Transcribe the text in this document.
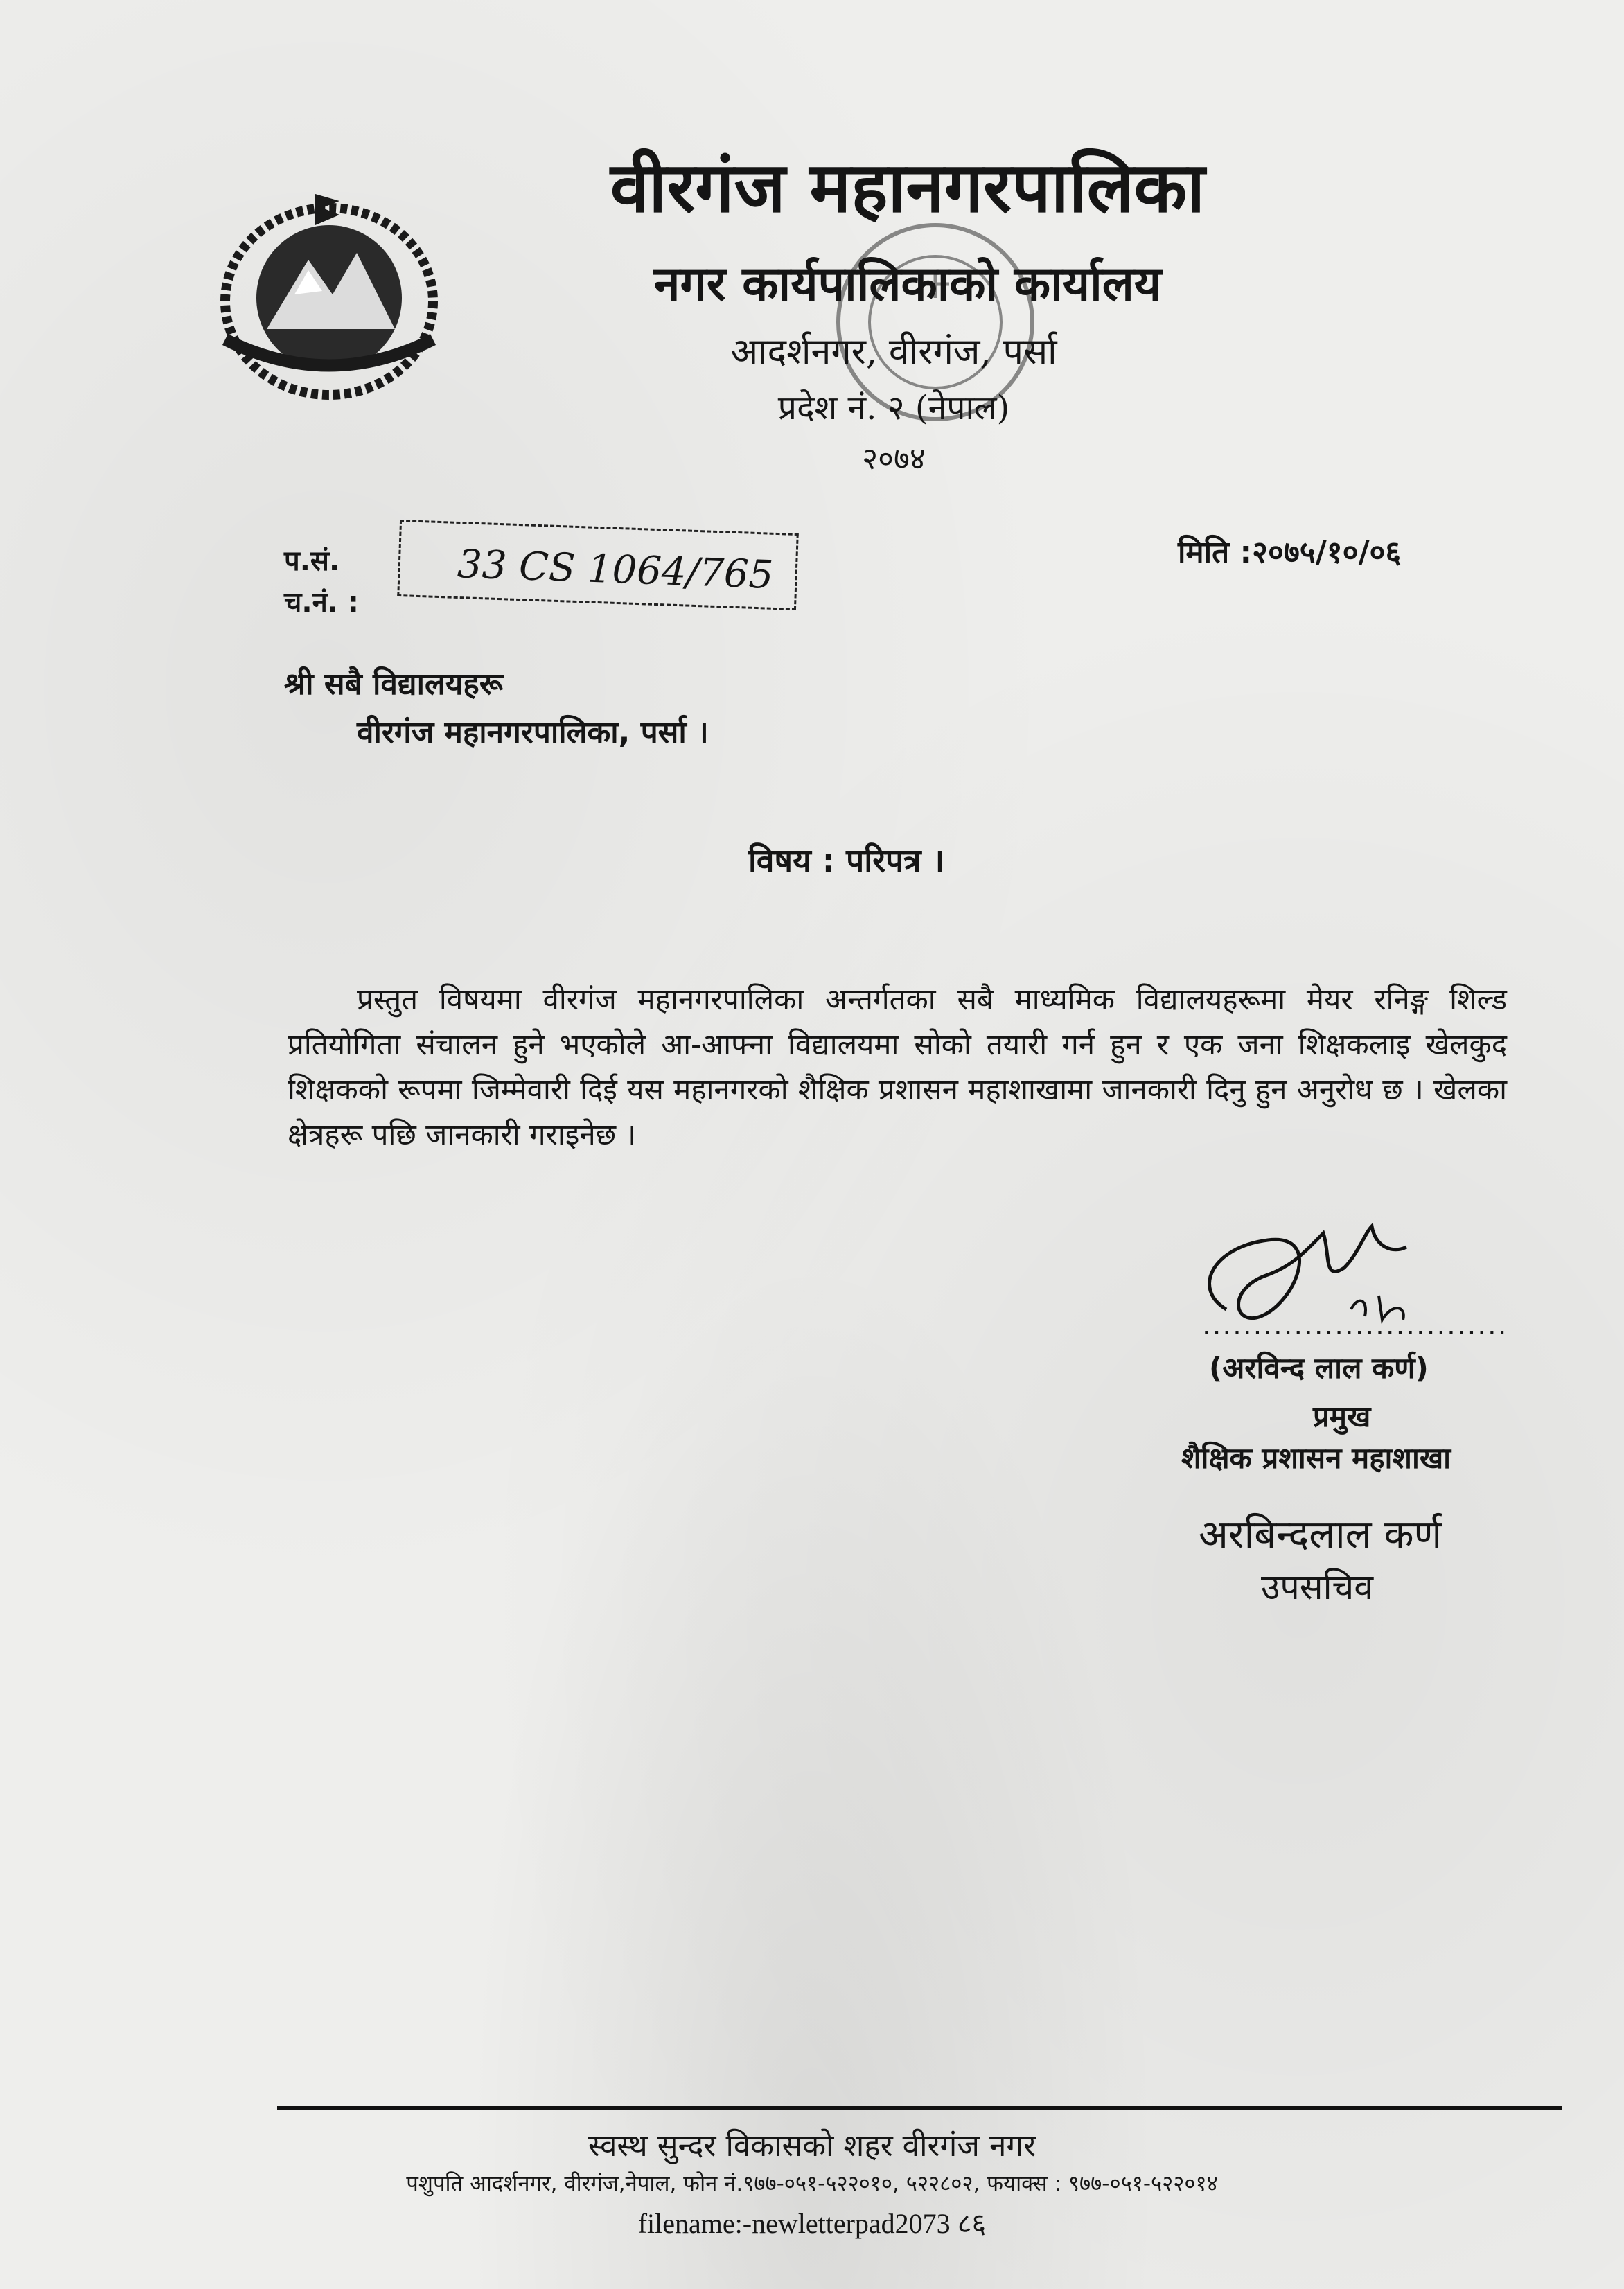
वीरगंज महानगरपालिका
नगर कार्यपालिकाको कार्यालय
आदर्शनगर, वीरगंज, पर्सा
प्रदेश नं. २ (नेपाल)
२०७४
प.सं.
च.नं. :
33 CS 1064/765	मिति :२०७५/१०/०६
श्री सबै विद्यालयहरू
वीरगंज महानगरपालिका, पर्सा ।
विषय : परिपत्र ।
प्रस्तुत विषयमा वीरगंज महानगरपालिका अन्तर्गतका सबै माध्यमिक विद्यालयहरूमा मेयर रनिङ्ग शिल्ड प्रतियोगिता संचालन हुने भएकोले आ-आफ्ना विद्यालयमा सोको तयारी गर्न हुन र एक जना शिक्षकलाइ खेलकुद शिक्षकको रूपमा जिम्मेवारी दिई यस महानगरको शैक्षिक प्रशासन महाशाखामा जानकारी दिनु हुन अनुरोध छ । खेलका क्षेत्रहरू पछि जानकारी गराइनेछ ।
..............................
(अरविन्द लाल कर्ण)
प्रमुख
शैक्षिक प्रशासन महाशाखा
अरबिन्दलाल कर्ण
उपसचिव
स्वस्थ सुन्दर विकासको शहर वीरगंज नगर
पशुपति आदर्शनगर, वीरगंज,नेपाल, फोन नं.९७७-०५१-५२२०१०, ५२२८०२, फयाक्स : ९७७-०५१-५२२०१४
filename:-newletterpad2073 ८६
